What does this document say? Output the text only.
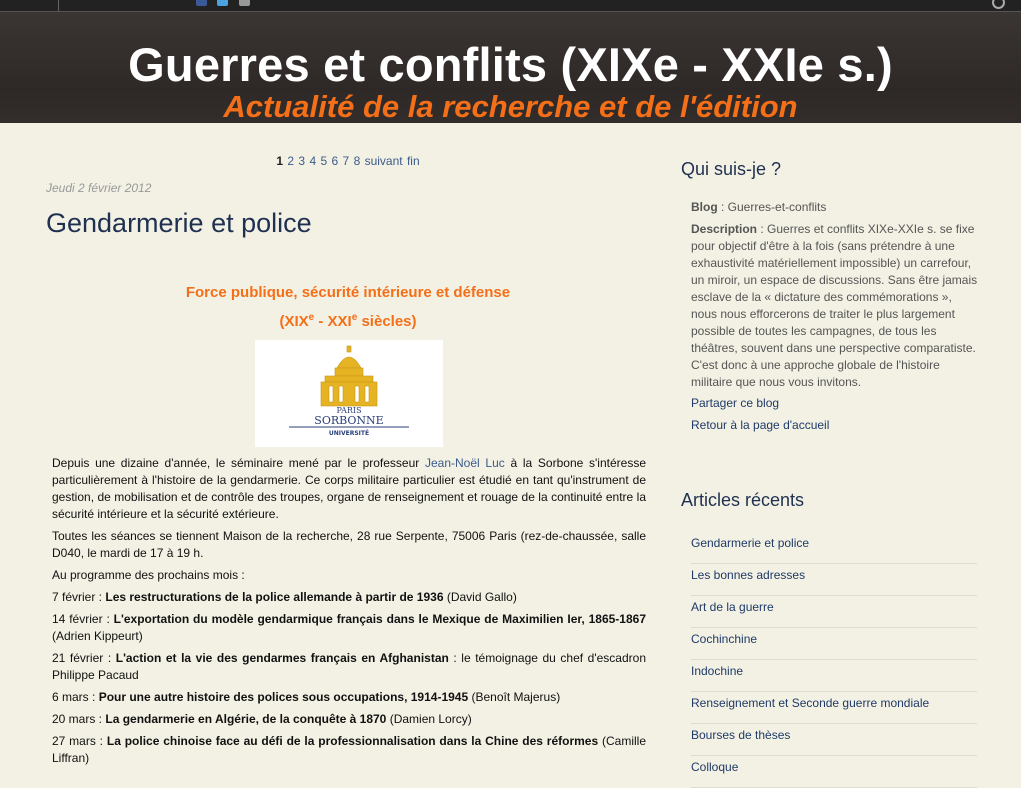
Guerres et conflits (XIXe - XXIe s.)
Actualité de la recherche et de l'édition
1 2 3 4 5 6 7 8 suivant fin
Jeudi 2 février 2012
Gendarmerie et police
Force publique, sécurité intérieure et défense
(XIXe - XXIe siècles)
PARIS
SORBONNE
UNIVERSITÉ

Depuis une dizaine d'année, le séminaire mené par le professeur Jean-Noël Luc à la Sorbone s'intéresse particulièrement à l'histoire de la gendarmerie. Ce corps militaire particulier est étudié en tant qu'instrument de gestion, de mobilisation et de contrôle des troupes, organe de renseignement et rouage de la continuité entre la sécurité intérieure et la sécurité extérieure.

Toutes les séances se tiennent Maison de la recherche, 28 rue Serpente, 75006 Paris (rez-de-chaussée, salle D040, le mardi de 17 à 19 h.

Au programme des prochains mois :

7 février : Les restructurations de la police allemande à partir de 1936 (David Gallo)

14 février : L'exportation du modèle gendarmique français dans le Mexique de Maximilien Ier, 1865-1867 (Adrien Kippeurt)

21 février : L'action et la vie des gendarmes français en Afghanistan : le témoignage du chef d'escadron Philippe Pacaud

6 mars : Pour une autre histoire des polices sous occupations, 1914-1945 (Benoît Majerus)

20 mars : La gendarmerie en Algérie, de la conquête à 1870 (Damien Lorcy)

27 mars : La police chinoise face au défi de la professionnalisation dans la Chine des réformes (Camille Liffran)

Qui suis-je ?
Blog : Guerres-et-conflits
Description : Guerres et conflits XIXe-XXIe s. se fixe pour objectif d'être à la fois (sans prétendre à une exhaustivité matériellement impossible) un carrefour, un miroir, un espace de discussions. Sans être jamais esclave de la « dictature des commémorations », nous nous efforcerons de traiter le plus largement possible de toutes les campagnes, de tous les théâtres, souvent dans une perspective comparatiste. C'est donc à une approche globale de l'histoire militaire que nous vous invitons.
Partager ce blog
Retour à la page d'accueil
Articles récents
Gendarmerie et police
Les bonnes adresses
Art de la guerre
Cochinchine
Indochine
Renseignement et Seconde guerre mondiale
Bourses de thèses
Colloque
